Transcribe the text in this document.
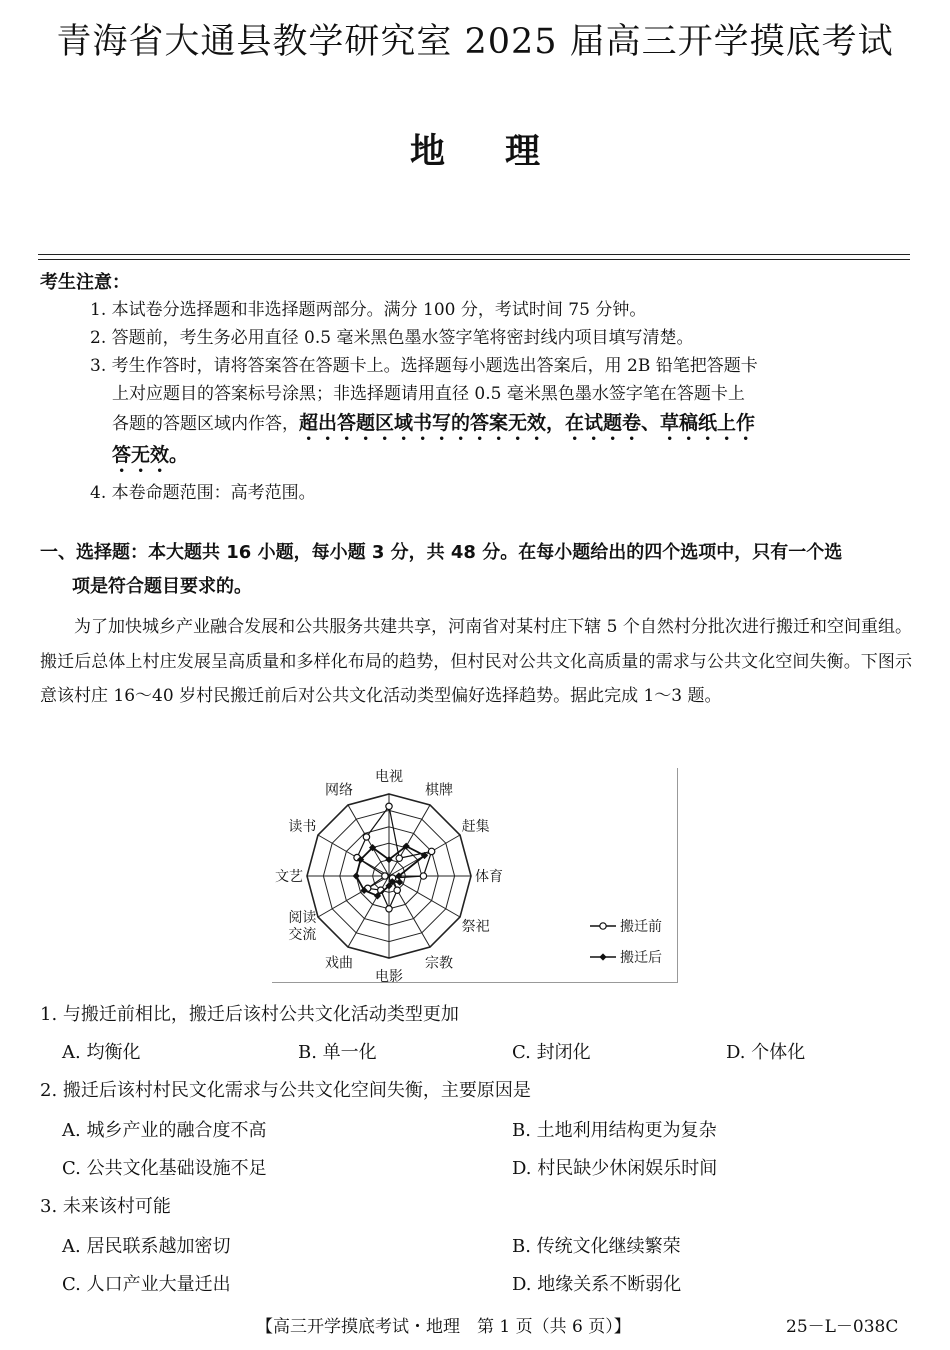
青海省大通县教学研究室 2025 届高三开学摸底考试
地理
考生注意：
1. 本试卷分选择题和非选择题两部分。满分 100 分，考试时间 75 分钟。
2. 答题前，考生务必用直径 0.5 毫米黑色墨水签字笔将密封线内项目填写清楚。
3. 考生作答时，请将答案答在答题卡上。选择题每小题选出答案后，用 2B 铅笔把答题卡
上对应题目的答案标号涂黑；非选择题请用直径 0.5 毫米黑色墨水签字笔在答题卡上
各题的答题区域内作答，超出答题区域书写的答案无效，在试题卷、草稿纸上作
答无效。
4. 本卷命题范围：高考范围。
一、选择题：本大题共 16 小题，每小题 3 分，共 48 分。在每小题给出的四个选项中，只有一个选
项是符合题目要求的。
为了加快城乡产业融合发展和公共服务共建共享，河南省对某村庄下辖 5 个自然村分批次进行搬迁和空间重组。搬迁后总体上村庄发展呈高质量和多样化布局的趋势，但村民对公共文化高质量的需求与公共文化空间失衡。下图示意该村庄 16～40 岁村民搬迁前后对公共文化活动类型偏好选择趋势。据此完成 1～3 题。
电视
棋牌
赶集
体育
祭祀
宗教
电影
戏曲
阅读
交流
文艺
读书
网络
搬迁前
搬迁后
1. 与搬迁前相比，搬迁后该村公共文化活动类型更加
A. 均衡化	B. 单一化	C. 封闭化	D. 个体化
2. 搬迁后该村村民文化需求与公共文化空间失衡，主要原因是
A. 城乡产业的融合度不高	B. 土地利用结构更为复杂
C. 公共文化基础设施不足	D. 村民缺少休闲娱乐时间
3. 未来该村可能
A. 居民联系越加密切	B. 传统文化继续繁荣
C. 人口产业大量迁出	D. 地缘关系不断弱化
【高三开学摸底考试・地理　第 1 页（共 6 页）】	25－L－038C
